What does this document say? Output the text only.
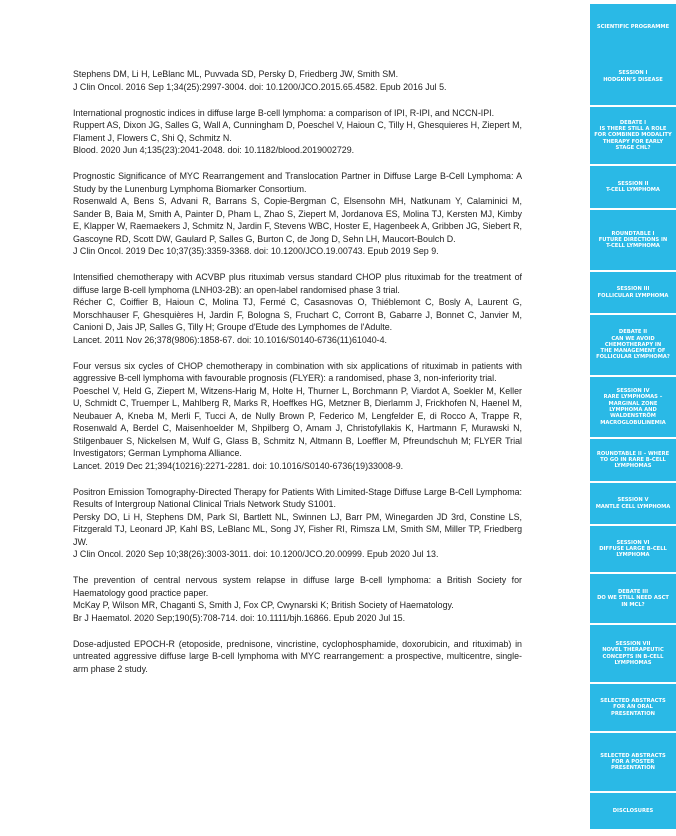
Stephens DM, Li H, LeBlanc ML, Puvvada SD, Persky D, Friedberg JW, Smith SM.

J Clin Oncol. 2016 Sep 1;34(25):2997-3004. doi: 10.1200/JCO.2015.65.4582. Epub 2016 Jul 5.

International prognostic indices in diffuse large B-cell lymphoma: a comparison of IPI, R-IPI, and NCCN-IPI.

Ruppert AS, Dixon JG, Salles G, Wall A, Cunningham D, Poeschel V, Haioun C, Tilly H, Ghesquieres H, Ziepert M, Flament J, Flowers C, Shi Q, Schmitz N.

Blood. 2020 Jun 4;135(23):2041-2048. doi: 10.1182/blood.2019002729.

Prognostic Significance of MYC Rearrangement and Translocation Partner in Diffuse Large B-Cell Lymphoma: A Study by the Lunenburg Lymphoma Biomarker Consortium.

Rosenwald A, Bens S, Advani R, Barrans S, Copie-Bergman C, Elsensohn MH, Natkunam Y, Calaminici M, Sander B, Baia M, Smith A, Painter D, Pham L, Zhao S, Ziepert M, Jordanova ES, Molina TJ, Kersten MJ, Kimby E, Klapper W, Raemaekers J, Schmitz N, Jardin F, Stevens WBC, Hoster E, Hagenbeek A, Gribben JG, Siebert R, Gascoyne RD, Scott DW, Gaulard P, Salles G, Burton C, de Jong D, Sehn LH, Maucort-Boulch D.

J Clin Oncol. 2019 Dec 10;37(35):3359-3368. doi: 10.1200/JCO.19.00743. Epub 2019 Sep 9.

Intensified chemotherapy with ACVBP plus rituximab versus standard CHOP plus rituximab for the treatment of diffuse large B-cell lymphoma (LNH03-2B): an open-label randomised phase 3 trial.

Récher C, Coiffier B, Haioun C, Molina TJ, Fermé C, Casasnovas O, Thiéblemont C, Bosly A, Laurent G, Morschhauser F, Ghesquières H, Jardin F, Bologna S, Fruchart C, Corront B, Gabarre J, Bonnet C, Janvier M, Canioni D, Jais JP, Salles G, Tilly H; Groupe d'Etude des Lymphomes de l'Adulte.

Lancet. 2011 Nov 26;378(9806):1858-67. doi: 10.1016/S0140-6736(11)61040-4.

Four versus six cycles of CHOP chemotherapy in combination with six applications of rituximab in patients with aggressive B-cell lymphoma with favourable prognosis (FLYER): a randomised, phase 3, non-inferiority trial.

Poeschel V, Held G, Ziepert M, Witzens-Harig M, Holte H, Thurner L, Borchmann P, Viardot A, Soekler M, Keller U, Schmidt C, Truemper L, Mahlberg R, Marks R, Hoeffkes HG, Metzner B, Dierlamm J, Frickhofen N, Haenel M, Neubauer A, Kneba M, Merli F, Tucci A, de Nully Brown P, Federico M, Lengfelder E, di Rocco A, Trappe R, Rosenwald A, Berdel C, Maisenhoelder M, Shpilberg O, Amam J, Christofyllakis K, Hartmann F, Murawski N, Stilgenbauer S, Nickelsen M, Wulf G, Glass B, Schmitz N, Altmann B, Loeffler M, Pfreundschuh M; FLYER Trial Investigators; German Lymphoma Alliance.

Lancet. 2019 Dec 21;394(10216):2271-2281. doi: 10.1016/S0140-6736(19)33008-9.

Positron Emission Tomography-Directed Therapy for Patients With Limited-Stage Diffuse Large B-Cell Lymphoma: Results of Intergroup National Clinical Trials Network Study S1001.

Persky DO, Li H, Stephens DM, Park SI, Bartlett NL, Swinnen LJ, Barr PM, Winegarden JD 3rd, Constine LS, Fitzgerald TJ, Leonard JP, Kahl BS, LeBlanc ML, Song JY, Fisher RI, Rimsza LM, Smith SM, Miller TP, Friedberg JW.

J Clin Oncol. 2020 Sep 10;38(26):3003-3011. doi: 10.1200/JCO.20.00999. Epub 2020 Jul 13.

The prevention of central nervous system relapse in diffuse large B-cell lymphoma: a British Society for Haematology good practice paper.

McKay P, Wilson MR, Chaganti S, Smith J, Fox CP, Cwynarski K; British Society of Haematology.

Br J Haematol. 2020 Sep;190(5):708-714. doi: 10.1111/bjh.16866. Epub 2020 Jul 15.

Dose-adjusted EPOCH-R (etoposide, prednisone, vincristine, cyclophosphamide, doxorubicin, and rituximab) in untreated aggressive diffuse large B-cell lymphoma with MYC rearrangement: a prospective, multicentre, single-arm phase 2 study.

SCIENTIFIC PROGRAMME
SESSION I
HODGKIN'S DISEASE
DEBATE I
IS THERE STILL A ROLE
FOR COMBINED MODALITY
THERAPY FOR EARLY
STAGE CHL?
SESSION II
T-CELL LYMPHOMA
ROUNDTABLE I
FUTURE DIRECTIONS IN
T-CELL LYMPHOMA
SESSION III
FOLLICULAR LYMPHOMA
DEBATE II
CAN WE AVOID
CHEMOTHERAPY IN
THE MANAGEMENT OF
FOLLICULAR LYMPHOMA?
SESSION IV
RARE LYMPHOMAS –
MARGINAL ZONE
LYMPHOMA AND
WALDENSTRÖM
MACROGLOBULINEMIA
ROUNDTABLE II – WHERE
TO GO IN RARE B-CELL
LYMPHOMAS
SESSION V
MANTLE CELL LYMPHOMA
SESSION VI
DIFFUSE LARGE B-CELL
LYMPHOMA
DEBATE III
DO WE STILL NEED ASCT
IN MCL?
SESSION VII
NOVEL THERAPEUTIC
CONCEPTS IN B-CELL
LYMPHOMAS
SELECTED ABSTRACTS
FOR AN ORAL
PRESENTATION
SELECTED ABSTRACTS
FOR A POSTER
PRESENTATION
DISCLOSURES
